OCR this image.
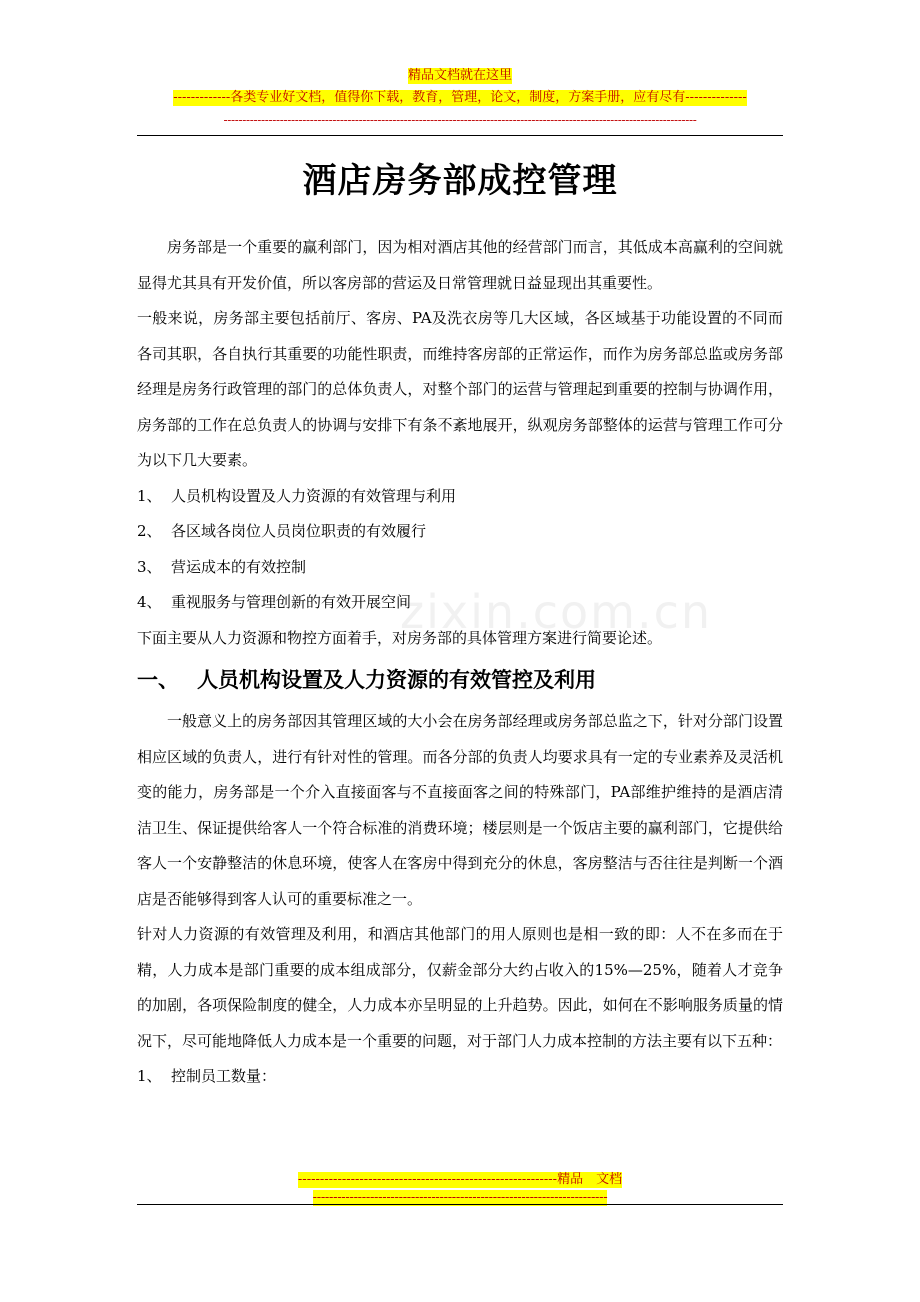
zixin.com.cn
精品文档就在这里
-------------各类专业好文档，值得你下载，教育，管理，论文，制度，方案手册，应有尽有--------------
------------------------------------------------------------------------------------------------------------------------------
--
酒店房务部成控管理

房务部是一个重要的赢利部门，因为相对酒店其他的经营部门而言，其低成本高赢利的空间就显得尤其具有开发价值，所以客房部的营运及日常管理就日益显现出其重要性。

一般来说，房务部主要包括前厅、客房、PA及洗衣房等几大区域，各区域基于功能设置的不同而各司其职，各自执行其重要的功能性职责，而维持客房部的正常运作，而作为房务部总监或房务部经理是房务行政管理的部门的总体负责人，对整个部门的运营与管理起到重要的控制与协调作用，房务部的工作在总负责人的协调与安排下有条不紊地展开，纵观房务部整体的运营与管理工作可分为以下几大要素。

1、 人员机构设置及人力资源的有效管理与利用
2、 各区域各岗位人员岗位职责的有效履行
3、 营运成本的有效控制
4、 重视服务与管理创新的有效开展空间

下面主要从人力资源和物控方面着手，对房务部的具体管理方案进行简要论述。

一、 人员机构设置及人力资源的有效管控及利用

一般意义上的房务部因其管理区域的大小会在房务部经理或房务部总监之下，针对分部门设置相应区域的负责人，进行有针对性的管理。而各分部的负责人均要求具有一定的专业素养及灵活机变的能力，房务部是一个介入直接面客与不直接面客之间的特殊部门，PA部维护维持的是酒店清洁卫生、保证提供给客人一个符合标准的消费环境；楼层则是一个饭店主要的赢利部门，它提供给客人一个安静整洁的休息环境，使客人在客房中得到充分的休息，客房整洁与否往往是判断一个酒店是否能够得到客人认可的重要标准之一。

针对人力资源的有效管理及利用，和酒店其他部门的用人原则也是相一致的即：人不在多而在于精，人力成本是部门重要的成本组成部分，仅薪金部分大约占收入的15%—25%，随着人才竞争的加剧，各项保险制度的健全，人力成本亦呈明显的上升趋势。因此，如何在不影响服务质量的情况下，尽可能地降低人力成本是一个重要的问题，对于部门人力成本控制的方法主要有以下五种：

1、 控制员工数量：
-----------------------------------------------------------精品　文档
------------------------------------------------------------------------
